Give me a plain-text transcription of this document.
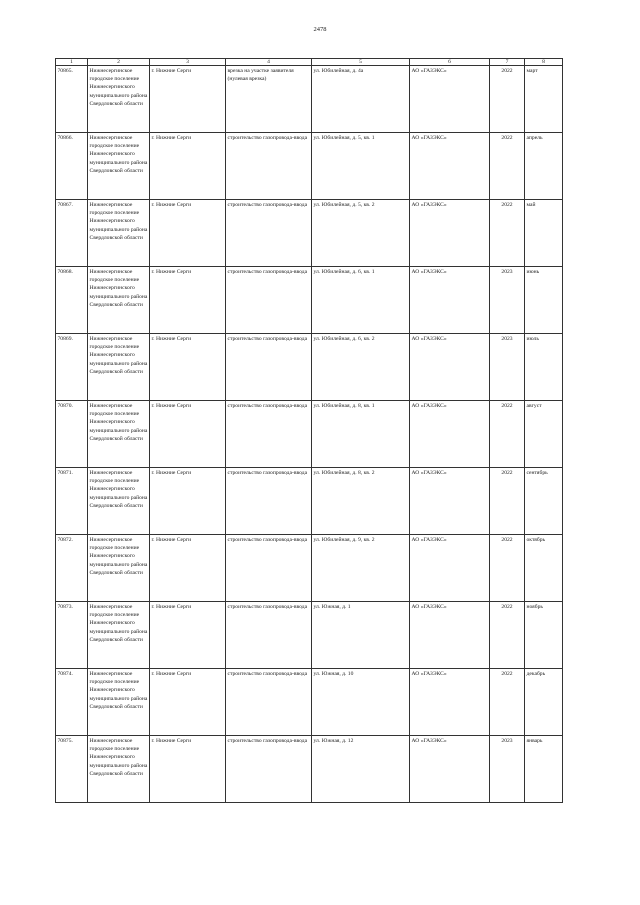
2478
1	2	3	4	5	6	7	8
70865.	Нижнесергинское городское поселение Нижнесергинского муниципального района Свердловской области	г. Нижние Серги	врезка на участке заявителя (нулевая врезка)	ул. Юбилейная, д. 4а	АО «ГАЗЭКС»	2022	март
70866.	Нижнесергинское городское поселение Нижнесергинского муниципального района Свердловской области	г. Нижние Серги	строительство газопровода-ввода	ул. Юбилейная, д. 5, кв. 1	АО «ГАЗЭКС»	2022	апрель
70867.	Нижнесергинское городское поселение Нижнесергинского муниципального района Свердловской области	г. Нижние Серги	строительство газопровода-ввода	ул. Юбилейная, д. 5, кв. 2	АО «ГАЗЭКС»	2022	май
70868.	Нижнесергинское городское поселение Нижнесергинского муниципального района Свердловской области	г. Нижние Серги	строительство газопровода-ввода	ул. Юбилейная, д. 6, кв. 1	АО «ГАЗЭКС»	2023	июнь
70869.	Нижнесергинское городское поселение Нижнесергинского муниципального района Свердловской области	г. Нижние Серги	строительство газопровода-ввода	ул. Юбилейная, д. 6, кв. 2	АО «ГАЗЭКС»	2023	июль
70870.	Нижнесергинское городское поселение Нижнесергинского муниципального района Свердловской области	г. Нижние Серги	строительство газопровода-ввода	ул. Юбилейная, д. 8, кв. 1	АО «ГАЗЭКС»	2022	август
70871.	Нижнесергинское городское поселение Нижнесергинского муниципального района Свердловской области	г. Нижние Серги	строительство газопровода-ввода	ул. Юбилейная, д. 8, кв. 2	АО «ГАЗЭКС»	2022	сентябрь
70872.	Нижнесергинское городское поселение Нижнесергинского муниципального района Свердловской области	г. Нижние Серги	строительство газопровода-ввода	ул. Юбилейная, д. 9, кв. 2	АО «ГАЗЭКС»	2022	октябрь
70873.	Нижнесергинское городское поселение Нижнесергинского муниципального района Свердловской области	г. Нижние Серги	строительство газопровода-ввода	ул. Южная, д. 1	АО «ГАЗЭКС»	2022	ноябрь
70874.	Нижнесергинское городское поселение Нижнесергинского муниципального района Свердловской области	г. Нижние Серги	строительство газопровода-ввода	ул. Южная, д. 10	АО «ГАЗЭКС»	2022	декабрь
70875.	Нижнесергинское городское поселение Нижнесергинского муниципального района Свердловской области	г. Нижние Серги	строительство газопровода-ввода	ул. Южная, д. 12	АО «ГАЗЭКС»	2023	январь
